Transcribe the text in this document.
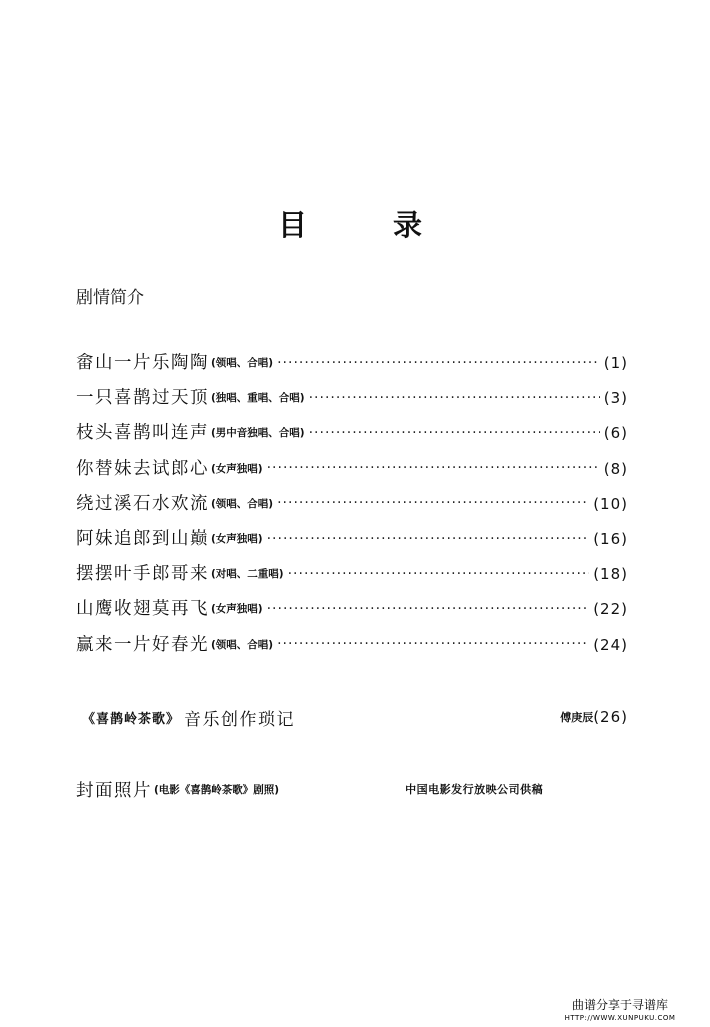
目	录
剧情简介
畲山一片乐陶陶 (领唱、合唱) ·····	(1)
一只喜鹊过天顶 (独唱、重唱、合唱) ·····	(3)
枝头喜鹊叫连声 (男中音独唱、合唱) ·····	(6)
你替妹去试郎心 (女声独唱) ·····	(8)
绕过溪石水欢流 (领唱、合唱) ·····	(10)
阿妹追郎到山巅 (女声独唱) ·····	(16)
摆摆叶手郎哥来 (对唱、二重唱) ·····	(18)
山鹰收翅莫再飞 (女声独唱) ·····	(22)
赢来一片好春光 (领唱、合唱) ·····	(24)
《喜鹊岭茶歌》 音乐创作琐记 ·····	傅庚辰 (26)
封面照片 (电影《喜鹊岭茶歌》剧照) ·····	中国电影发行放映公司供稿
曲谱分享于寻谱库
HTTP://WWW.XUNPUKU.COM
